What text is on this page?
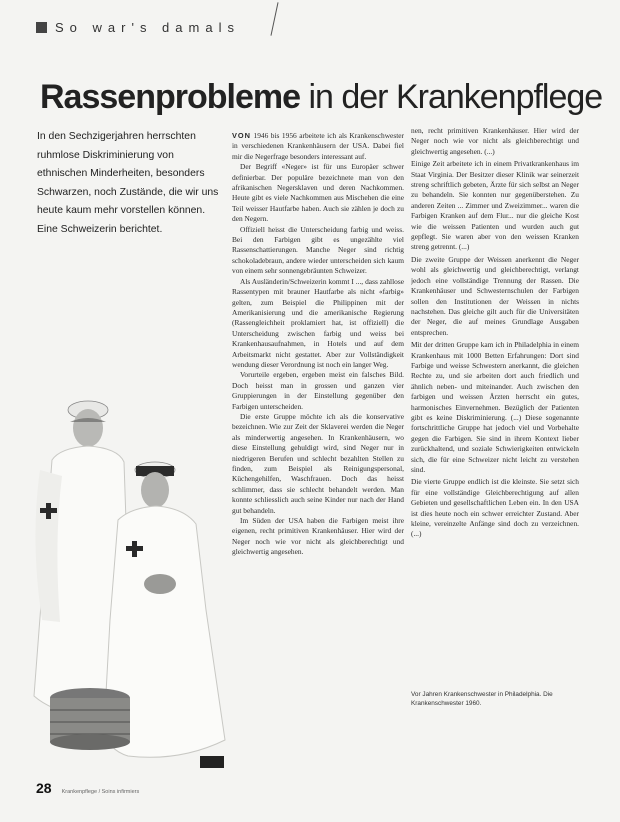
So war's damals
Rassenprobleme in der Krankenpflege
In den Sechzigerjahren herrschten ruhmlose Diskriminierung von ethnischen Minderheiten, besonders Schwarzen, noch Zustände, die wir uns heute kaum mehr vorstellen können. Eine Schweizerin berichtet.

VON 1946 bis 1956 arbeitete ich als Krankenschwester in verschiedenen Krankenhäusern der USA. Dabei fiel mir die Negerfrage besonders interessant auf.

Der Begriff «Neger» ist für uns Europäer schwer definierbar. Der populäre bezeichnete man von den afrikanischen Negersklaven und deren Nachkommen. Heute gibt es viele Nachkommen aus Mischehen die eine Teil weisser Hautfarbe haben. Auch sie zählen je doch zu den Negern.

Offiziell heisst die Unterscheidung farbig und weiss. Bei den Farbigen gibt es ungezählte viel Rassenschattierungen. Manche Neger sind richtig schokoladebraun, andere wieder unterscheiden sich kaum von einem sehr sonnengebräunten Schweizer.

Als Ausländerin/Schweizerin kommt I ..., dass zahllose Rassentypen mit brauner Hautfarbe als nicht «farbig» gelten, zum Beispiel die Philippinen mit der Amerikanisierung und die amerikanische Regierung (Rassengleichheit proklamiert hat, ist offiziell) die Unterscheidung zwischen farbig und weiss bei Krankenhausaufnahmen, in Hotels und auf dem Arbeitsmarkt nicht gestattet. Aber zur Vollständigkeit wendung dieser Verordnung ist noch ein langer Weg.

Vorurteile ergeben, ergeben meist ein falsches Bild. Doch heisst man in grossen und ganzen vier Gruppierungen in der Einstellung gegenüber den Farbigen unterscheiden.

Die erste Gruppe möchte ich als die konservative bezeichnen. Wie zur Zeit der Sklaverei werden die Neger als minderwertig angesehen. In Krankenhäusern, wo diese Einstellung gehuldigt wird, sind Neger nur in niedrigeren Berufen und schlecht bezahlten Stellen zu finden, zum Beispiel als Reinigungspersonal, Küchengehilfen, Waschfrauen. Doch das heisst schlimmer, dass sie schlecht behandelt werden. Man konnte schliesslich auch seine Kinder nur nach der Hand gut behandeln.

Im Süden der USA haben die Farbigen meist ihre eigenen, recht primitiven Krankenhäuser. Hier wird der Neger noch wie vor nicht als gleichberechtigt und gleichwertig angesehen.

nen, recht primitiven Krankenhäuser. Hier wird der Neger noch wie vor nicht als gleichberechtigt und gleichwertig angesehen. (...)

Einige Zeit arbeitete ich in einem Privatkrankenhaus im Staat Virginia. Der Besitzer dieser Klinik war seinerzeit streng schriftlich gebeten, Ärzte für sich selbst an Neger zu behandeln. Sie konnten nur gegenüberstehen. Zu anderen Zeiten ... Zimmer und Zweizimmer... waren die Farbigen Kranken auf dem Flur... nur die gleiche Kost wie die weissen Patienten und wurden auch gut gepflegt. Sie waren aber von den weissen Kranken streng getrennt. (...)

Die zweite Gruppe der Weissen anerkennt die Neger wohl als gleichwertig und gleichberechtigt, verlangt jedoch eine vollständige Trennung der Rassen. Die Krankenhäuser und Schwesternschulen der Farbigen sollen den Institutionen der Weissen in nichts nachstehen. Das gleiche gilt auch für die Universitäten der Neger, die auf meines Grundlage Ausgaben entsprechen.

Mit der dritten Gruppe kam ich in Philadelphia in einem Krankenhaus mit 1000 Betten Erfahrungen: Dort sind Farbige und weisse Schwestern anerkannt, die gleichen Rechte zu, und sie arbeiten dort auch friedlich und ähnlich neben- und miteinander. Auch zwischen den farbigen und weissen Ärzten herrscht ein gutes, harmonisches Einvernehmen. Bezüglich der Patienten gibt es keine Diskriminierung. (...) Diese sogenannte fortschrittliche Gruppe hat jedoch viel und Vorbehalte gegen die Farbigen. Sie sind in ihrem Kontext lieber zurückhaltend, und soziale Schwierigkeiten entwickeln sich, die für eine Schweizer nicht leicht zu verstehen sind.

Die vierte Gruppe endlich ist die kleinste. Sie setzt sich für eine vollständige Gleichberechtigung auf allen Gebieten und gesellschaftlichen Leben ein. In den USA ist dies heute noch ein schwer erreichter Zustand. Aber kleine, vereinzelte Anfänge sind doch zu verzeichnen. (...)

Vor Jahren Krankenschwester in Philadelphia. Die Krankenschwester 1960.
28 Krankenpflege / Soins infirmiers
